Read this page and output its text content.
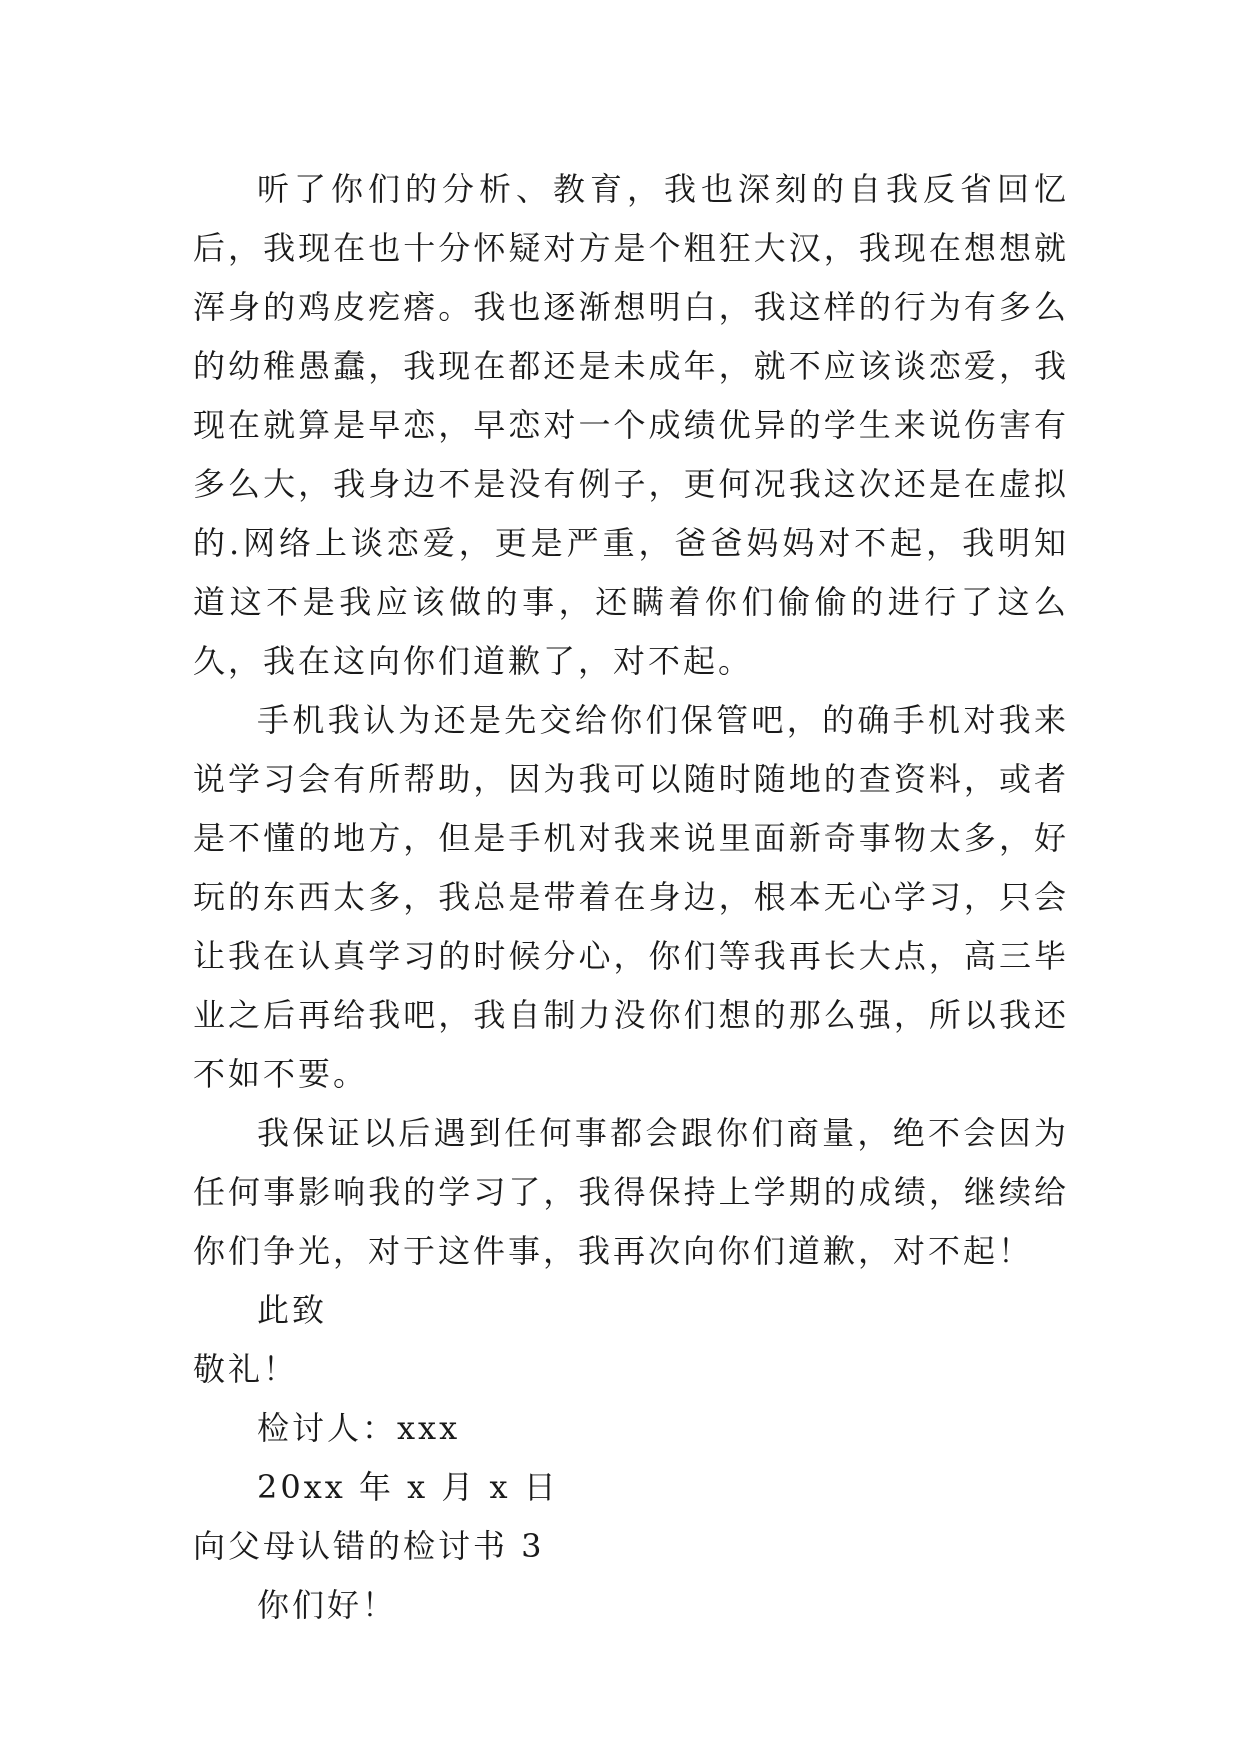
听了你们的分析、教育，我也深刻的自我反省回忆后，我现在也十分怀疑对方是个粗狂大汉，我现在想想就浑身的鸡皮疙瘩。我也逐渐想明白，我这样的行为有多么的幼稚愚蠢，我现在都还是未成年，就不应该谈恋爱，我现在就算是早恋，早恋对一个成绩优异的学生来说伤害有多么大，我身边不是没有例子，更何况我这次还是在虚拟的.网络上谈恋爱，更是严重，爸爸妈妈对不起，我明知道这不是我应该做的事，还瞒着你们偷偷的进行了这么久，我在这向你们道歉了，对不起。

手机我认为还是先交给你们保管吧，的确手机对我来说学习会有所帮助，因为我可以随时随地的查资料，或者是不懂的地方，但是手机对我来说里面新奇事物太多，好玩的东西太多，我总是带着在身边，根本无心学习，只会让我在认真学习的时候分心，你们等我再长大点，高三毕业之后再给我吧，我自制力没你们想的那么强，所以我还不如不要。

我保证以后遇到任何事都会跟你们商量，绝不会因为任何事影响我的学习了，我得保持上学期的成绩，继续给你们争光，对于这件事，我再次向你们道歉，对不起！

此致

敬礼！

检讨人：xxx

20xx 年 x 月 x 日

向父母认错的检讨书 3

你们好！
